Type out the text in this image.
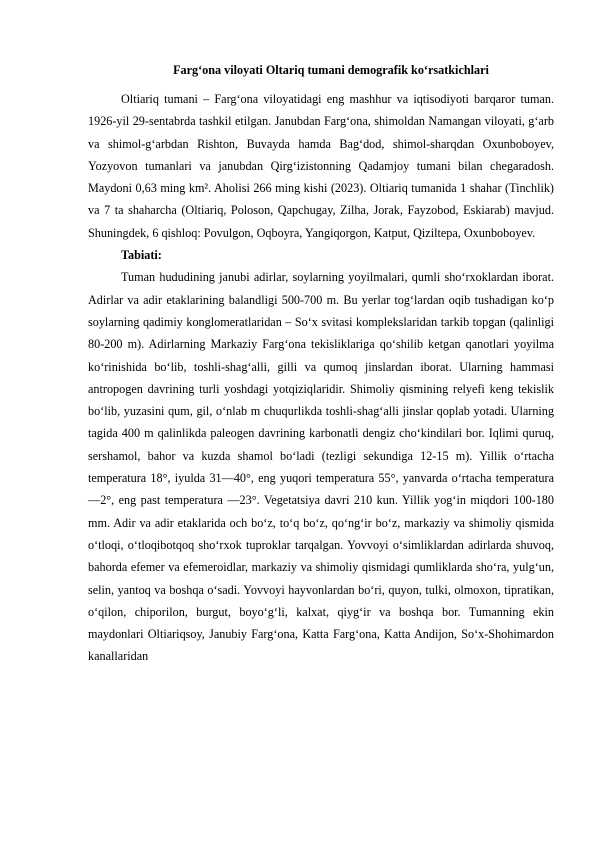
Farg‘ona viloyati Oltariq tumani demografik ko‘rsatkichlari

Oltiariq tumani – Farg‘ona viloyatidagi eng mashhur va iqtisodiyoti barqaror tuman. 1926-yil 29-sentabrda tashkil etilgan. Janubdan Farg‘ona, shimoldan Namangan viloyati, g‘arb va shimol-g‘arbdan Rishton, Buvayda hamda Bag‘dod, shimol-sharqdan Oxunboboyev, Yozyovon tumanlari va janubdan Qirg‘izistonning Qadamjoy tumani bilan chegaradosh. Maydoni 0,63 ming km². Aholisi 266 ming kishi (2023). Oltiariq tumanida 1 shahar (Tinchlik) va 7 ta shaharcha (Oltiariq, Poloson, Qapchugay, Zilha, Jorak, Fayzobod, Eskiarab) mavjud. Shuningdek, 6 qishloq: Povulgon, Oqboyra, Yangiqorgon, Katput, Qiziltepa, Oxunboboyev.

Tabiati:

Tuman hududining janubi adirlar, soylarning yoyilmalari, qumli sho‘rxoklardan iborat. Adirlar va adir etaklarining balandligi 500-700 m. Bu yerlar tog‘lardan oqib tushadigan ko‘p soylarning qadimiy konglomeratlaridan – So‘x svitasi komplekslaridan tarkib topgan (qalinligi 80-200 m). Adirlarning Markaziy Farg‘ona tekisliklariga qo‘shilib ketgan qanotlari yoyilma ko‘rinishida bo‘lib, toshli-shag‘alli, gilli va qumoq jinslardan iborat. Ularning hammasi antropogen davrining turli yoshdagi yotqiziqlaridir. Shimoliy qismining relyefi keng tekislik bo‘lib, yuzasini qum, gil, o‘nlab m chuqurlikda toshli-shag‘alli jinslar qoplab yotadi. Ularning tagida 400 m qalinlikda paleogen davrining karbonatli dengiz cho‘kindilari bor. Iqlimi quruq, sershamol, bahor va kuzda shamol bo‘ladi (tezligi sekundiga 12-15 m). Yillik o‘rtacha temperatura 18°, iyulda 31—40°, eng yuqori temperatura 55°, yanvarda o‘rtacha temperatura —2°, eng past temperatura —23°. Vegetatsiya davri 210 kun. Yillik yog‘in miqdori 100-180 mm. Adir va adir etaklarida och bo‘z, to‘q bo‘z, qo‘ng‘ir bo‘z, markaziy va shimoliy qismida o‘tloqi, o‘tloqibotqoq sho‘rxok tuproklar tarqalgan. Yovvoyi o‘simliklardan adirlarda shuvoq, bahorda efemer va efemeroidlar, markaziy va shimoliy qismidagi qumliklarda sho‘ra, yulg‘un, selin, yantoq va boshqa o‘sadi. Yovvoyi hayvonlardan bo‘ri, quyon, tulki, olmoxon, tipratikan, o‘qilon, chiporilon, burgut, boyo‘g‘li, kalxat, qiyg‘ir va boshqa bor. Tumanning ekin maydonlari Oltiariqsoy, Janubiy Farg‘ona, Katta Farg‘ona, Katta Andijon, So‘x-Shohimardon kanallaridan
